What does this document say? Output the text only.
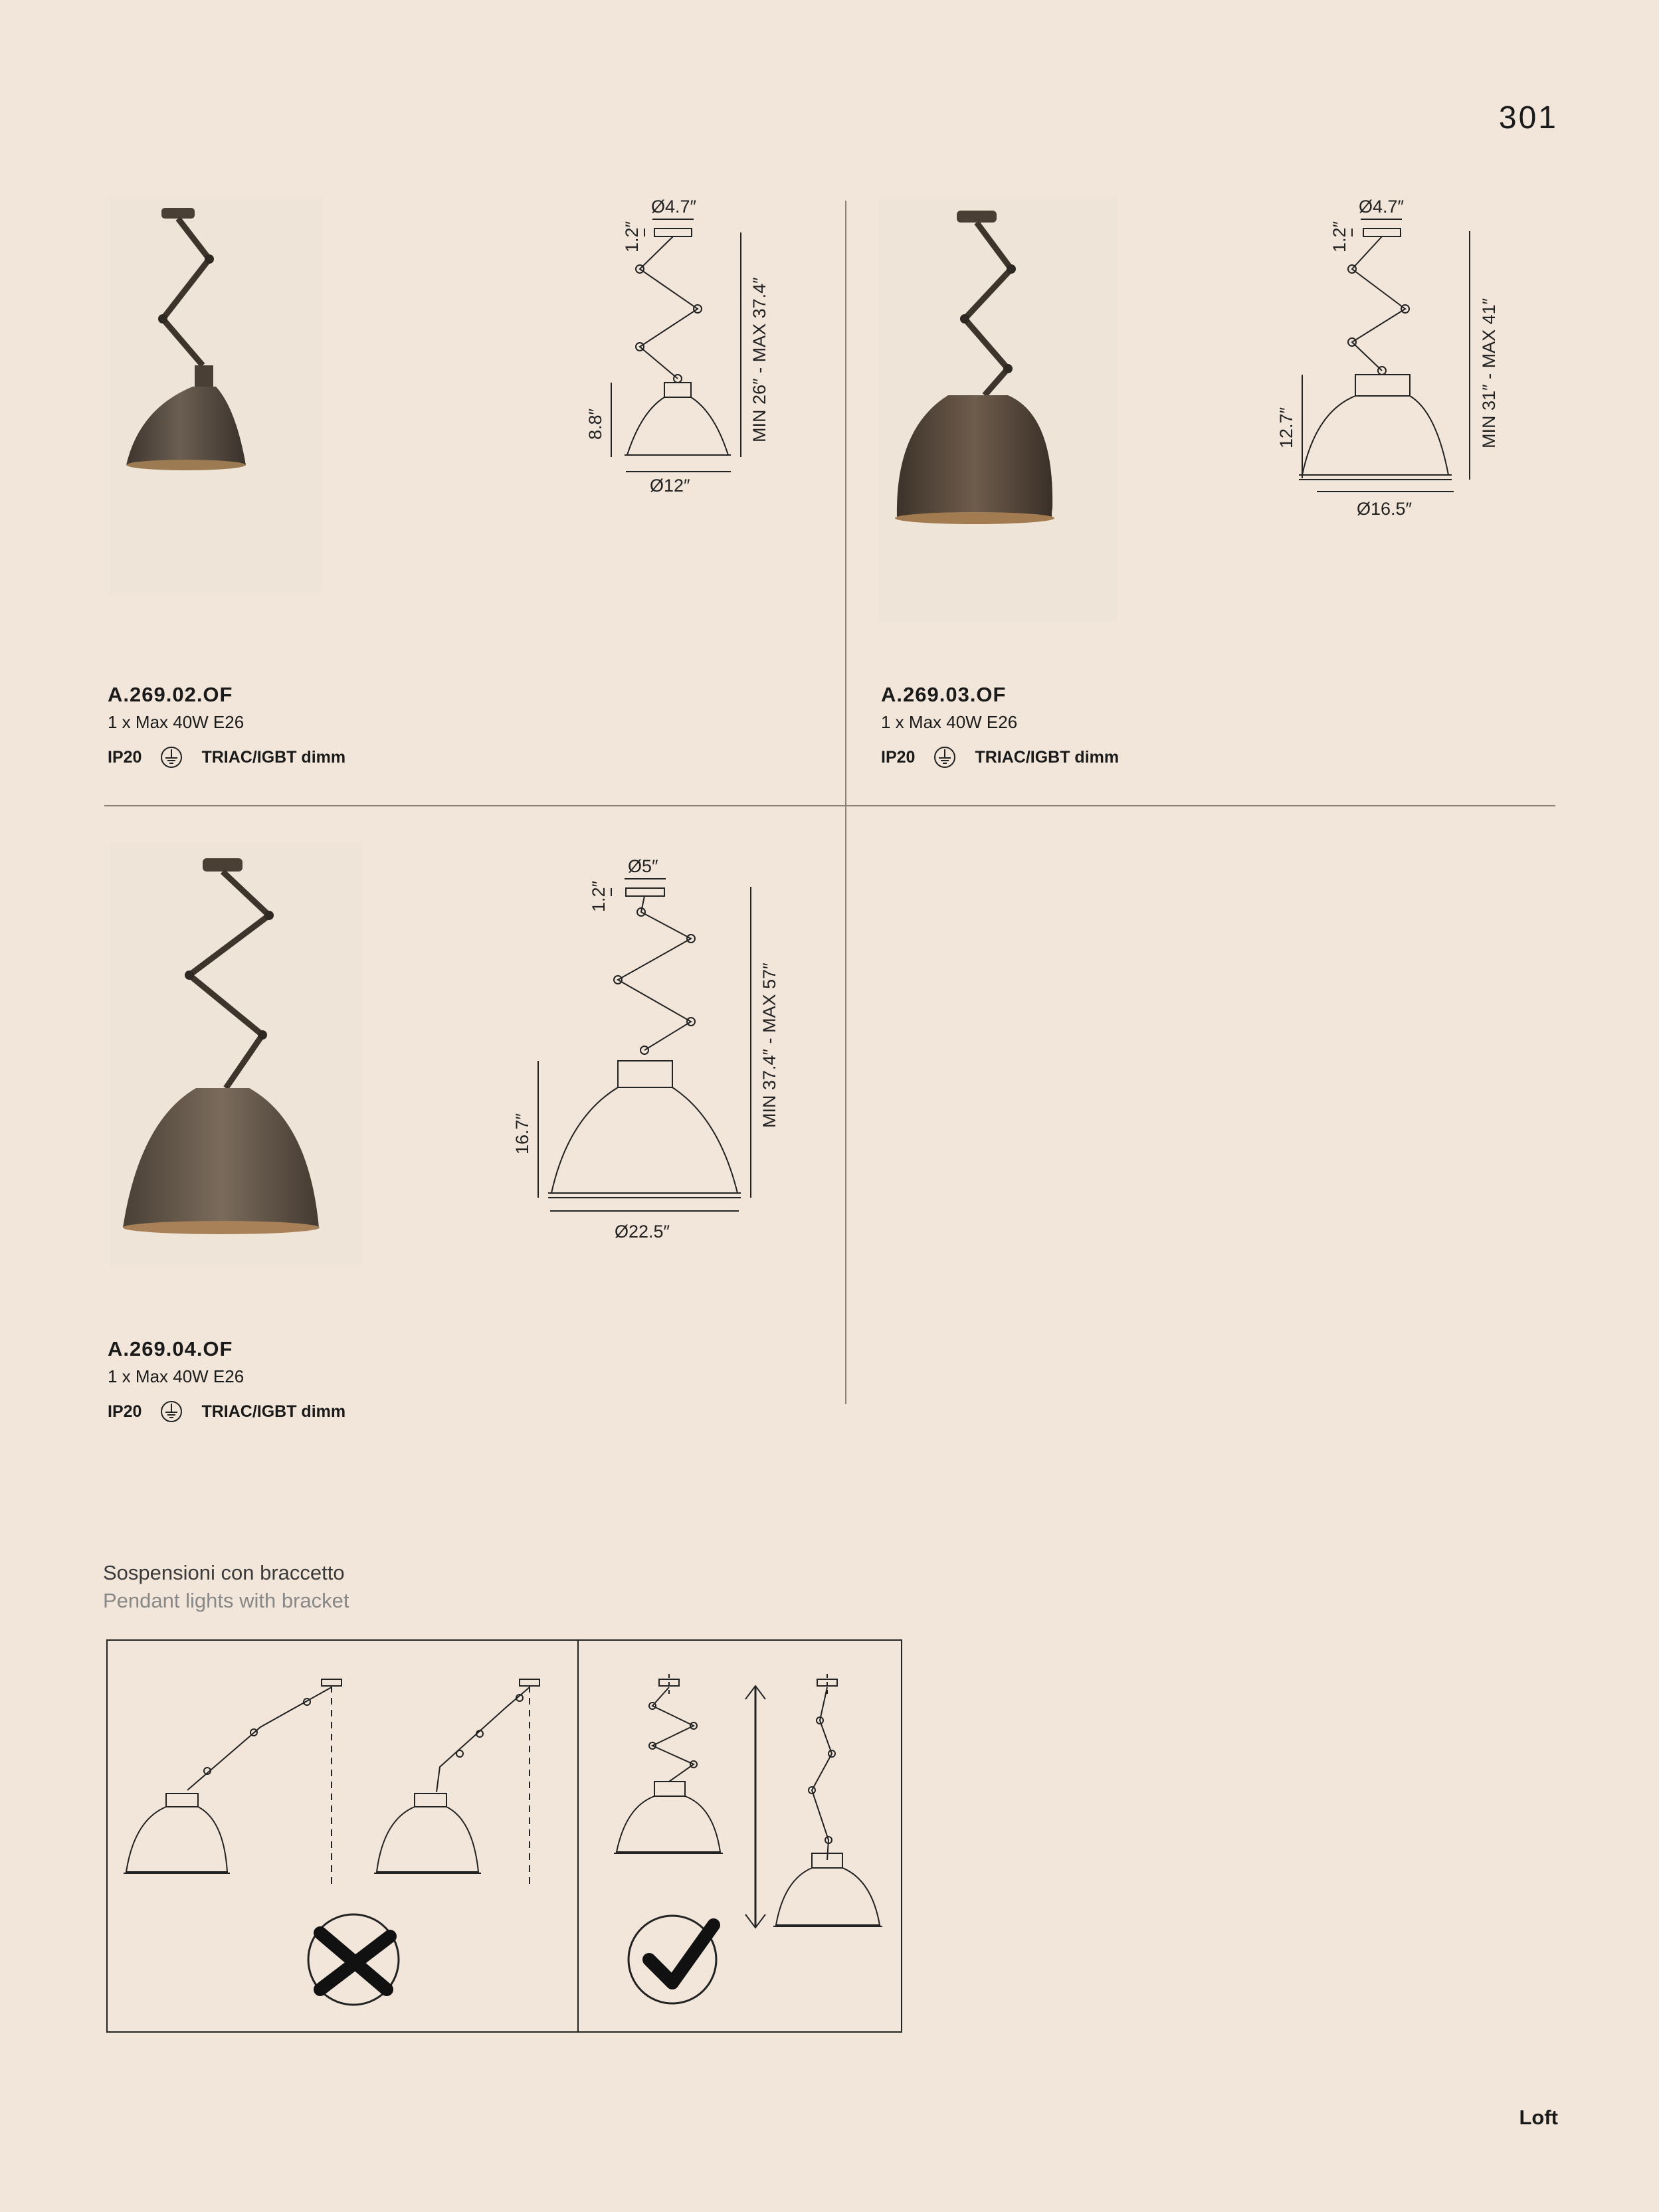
301
Ø4.7″
1.2″
8.8″
Ø12″
MIN 26″ - MAX 37.4″
A.269.02.OF
1 x Max 40W E26
IP20	TRIAC/IGBT dimm
Ø4.7″
1.2″
12.7″
Ø16.5″
MIN 31″ - MAX 41″
A.269.03.OF
1 x Max 40W E26
IP20	TRIAC/IGBT dimm
Ø5″
1.2″
16.7″
Ø22.5″
MIN 37.4″ - MAX 57″
A.269.04.OF
1 x Max 40W E26
IP20	TRIAC/IGBT dimm
Sospensioni con braccetto
Pendant lights with bracket
Loft
